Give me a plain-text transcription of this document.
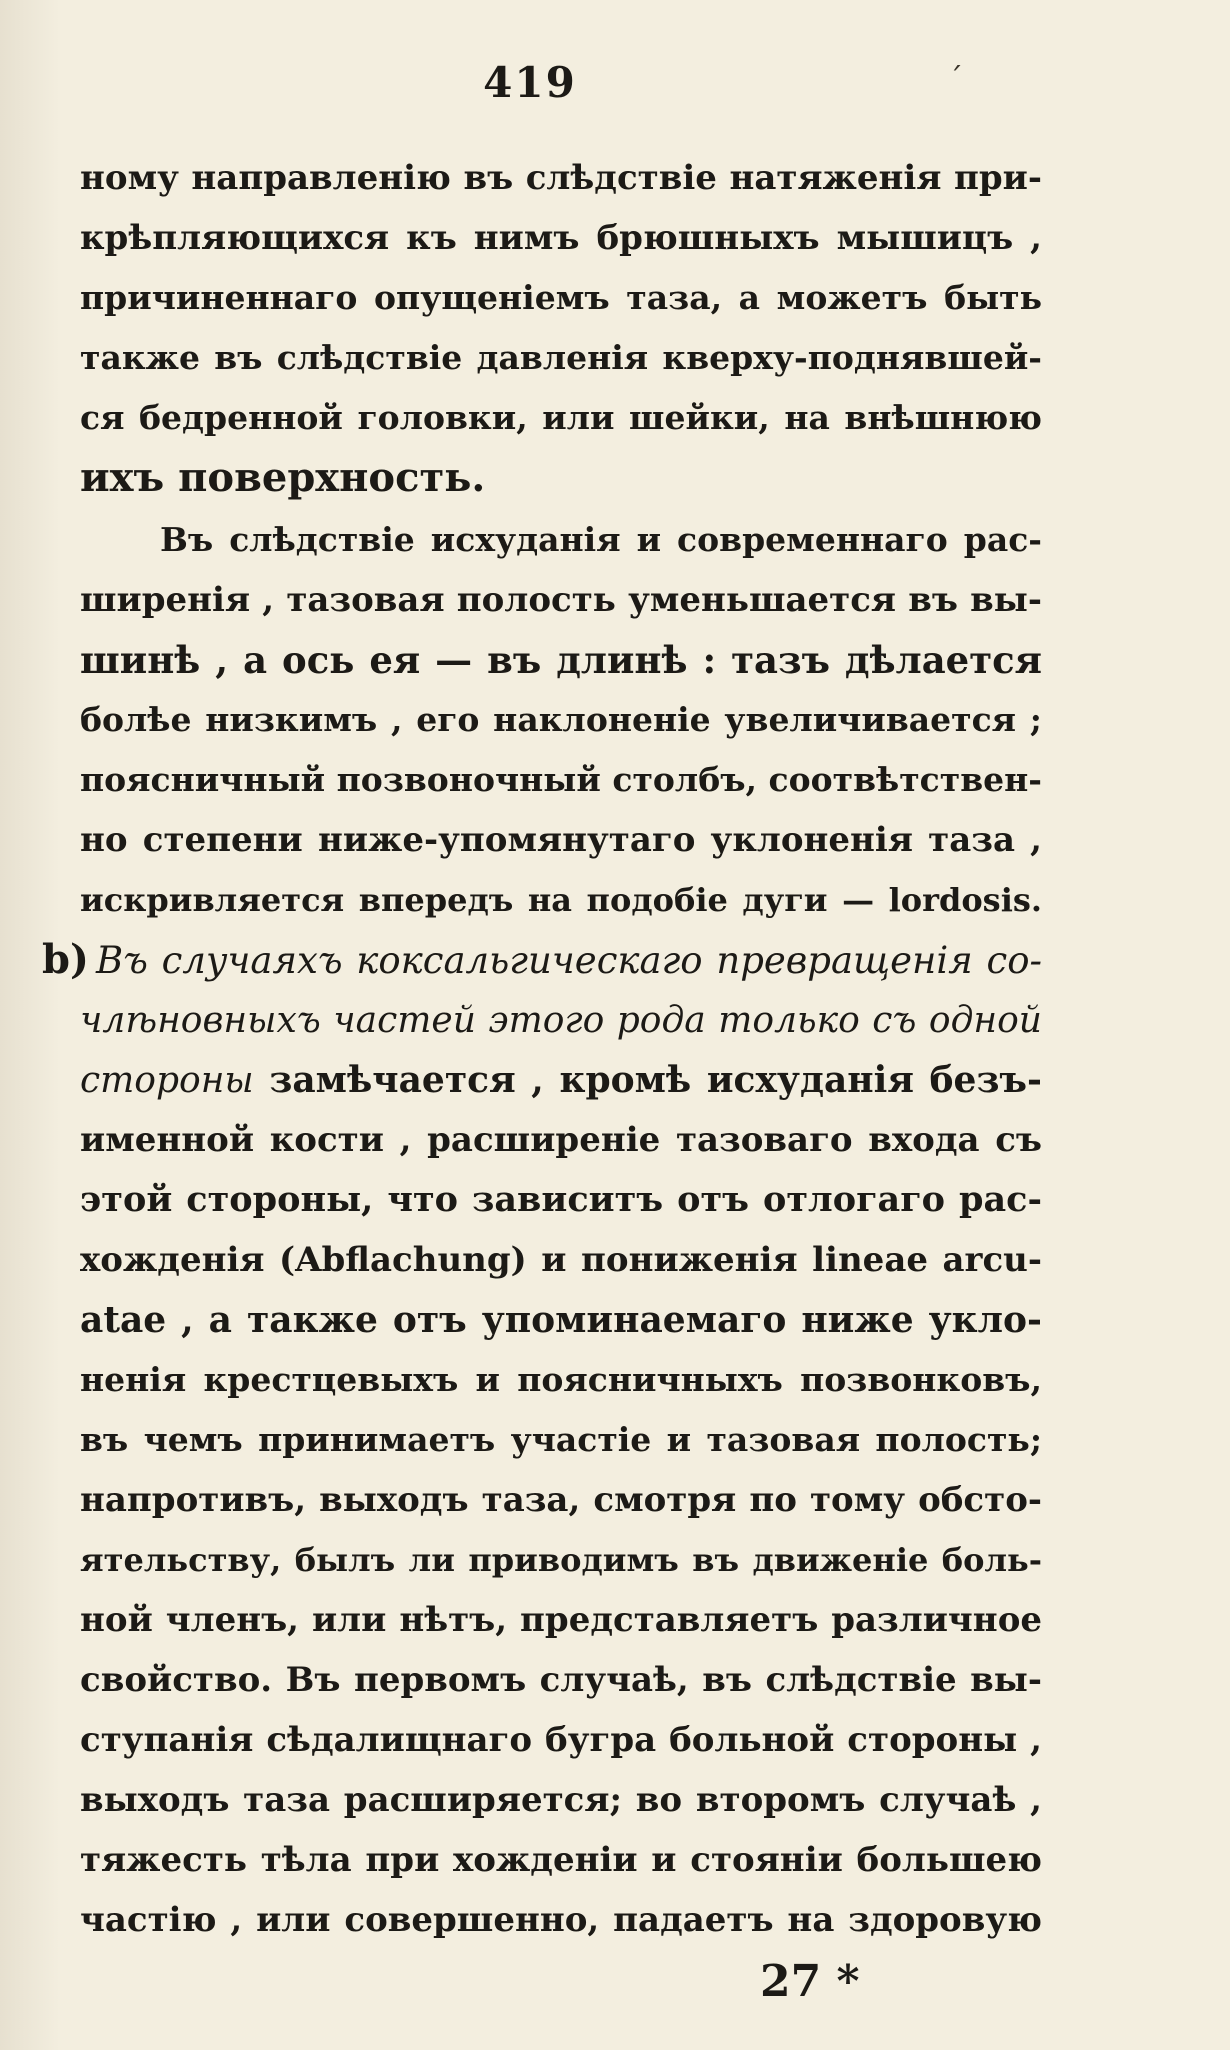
419	´
ному направленію въ слѣдствіе натяженія при-
крѣпляющихся къ нимъ брюшныхъ мышицъ ,
причиненнаго опущеніемъ таза, а можетъ быть
также въ слѣдствіе давленія кверху-поднявшей-
ся бедренной головки, или шейки, на внѣшнюю
ихъ поверхность.
Въ слѣдствіе исхуданія и современнаго рас-
ширенія , тазовая полость уменьшается въ вы-
шинѣ , а ось ея — въ длинѣ : тазъ дѣлается
болѣе низкимъ , его наклоненіе увеличивается ;
поясничный позвоночный столбъ, соотвѣтствен-
но степени ниже-упомянутаго уклоненія таза ,
искривляется впередъ на подобіе дуги — lordosis.
b) Въ случаяхъ коксальгическаго превращенія со-
члѣновныхъ частей этого рода только съ одной
стороны замѣчается , кромѣ исхуданія безъ-
именной кости , расширеніе тазоваго входа съ
этой стороны, что зависитъ отъ отлогаго рас-
хожденія (Abflachung) и пониженія lineae arcu-
atae , а также отъ упоминаемаго ниже укло-
ненія крестцевыхъ и поясничныхъ позвонковъ,
въ чемъ принимаетъ участіе и тазовая полость;
напротивъ, выходъ таза, смотря по тому обсто-
ятельству, былъ ли приводимъ въ движеніе боль-
ной членъ, или нѣтъ, представляетъ различное
свойство. Въ первомъ случаѣ, въ слѣдствіе вы-
ступанія сѣдалищнаго бугра больной стороны ,
выходъ таза расширяется; во второмъ случаѣ ,
тяжесть тѣла при хожденіи и стояніи большею
частію , или совершенно, падаетъ на здоровую
27 *
